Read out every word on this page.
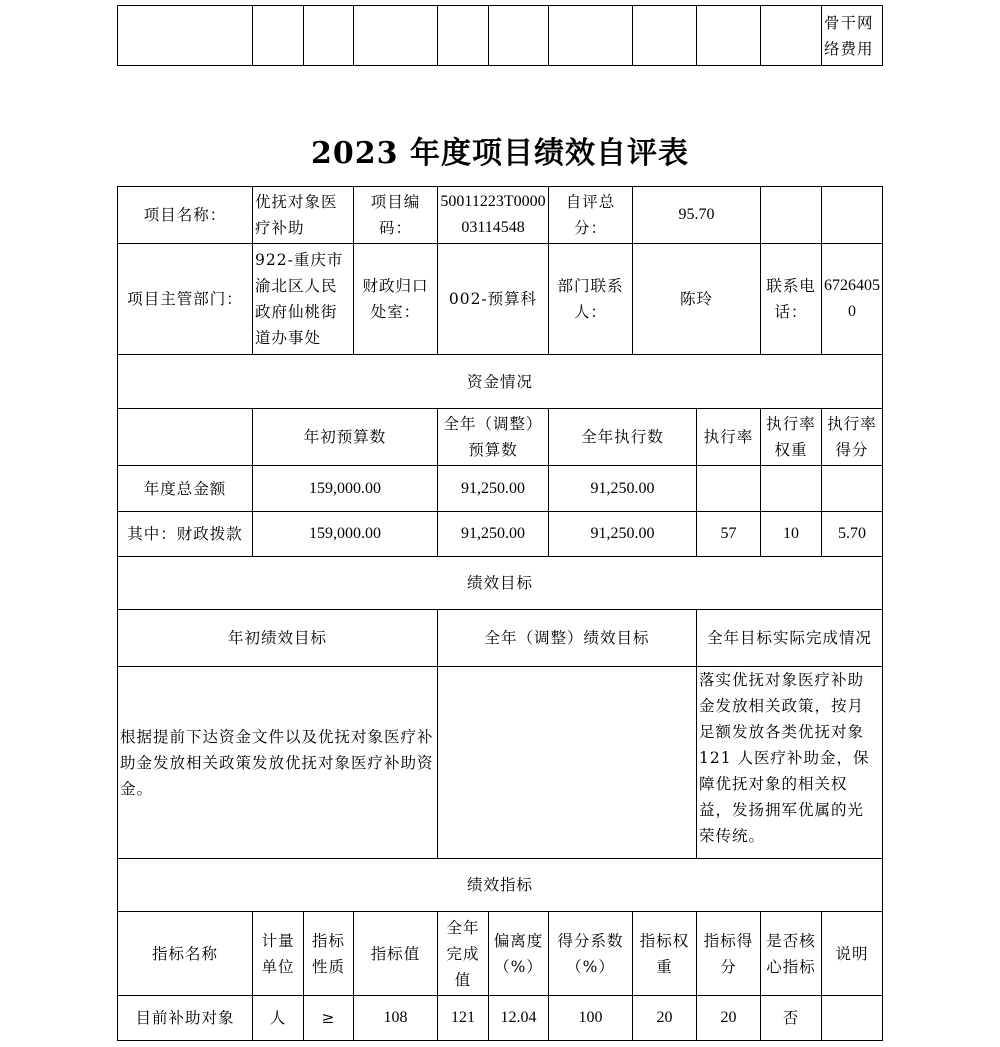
										骨干网络费用
2023 年度项目绩效自评表
项目名称：	优抚对象医疗补助		项目编码：	50011223T000003114548		自评总分：	95.70			
项目主管部门：	922-重庆市渝北区人民政府仙桃街道办事处		财政归口处室：	002-预算科		部门联系人：	陈玲		联系电话：	67264050
资金情况										
	年初预算数			全年（调整）预算数		全年执行数		执行率	执行率权重	执行率得分
年度总金额	159,000.00			91,250.00		91,250.00				
其中：财政拨款	159,000.00			91,250.00		91,250.00		57	10	5.70
绩效目标										
年初绩效目标				全年（调整）绩效目标				全年目标实际完成情况		
根据提前下达资金文件以及优抚对象医疗补助金发放相关政策发放优抚对象医疗补助资金。								落实优抚对象医疗补助金发放相关政策，按月足额发放各类优抚对象 121 人医疗补助金，保障优抚对象的相关权益，发扬拥军优属的光荣传统。		
绩效指标										
指标名称	计量单位	指标性质	指标值	全年完成值	偏离度（%）	得分系数（%）	指标权重	指标得分	是否核心指标	说明
目前补助对象	人	≥	108	121	12.04	100	20	20	否	
